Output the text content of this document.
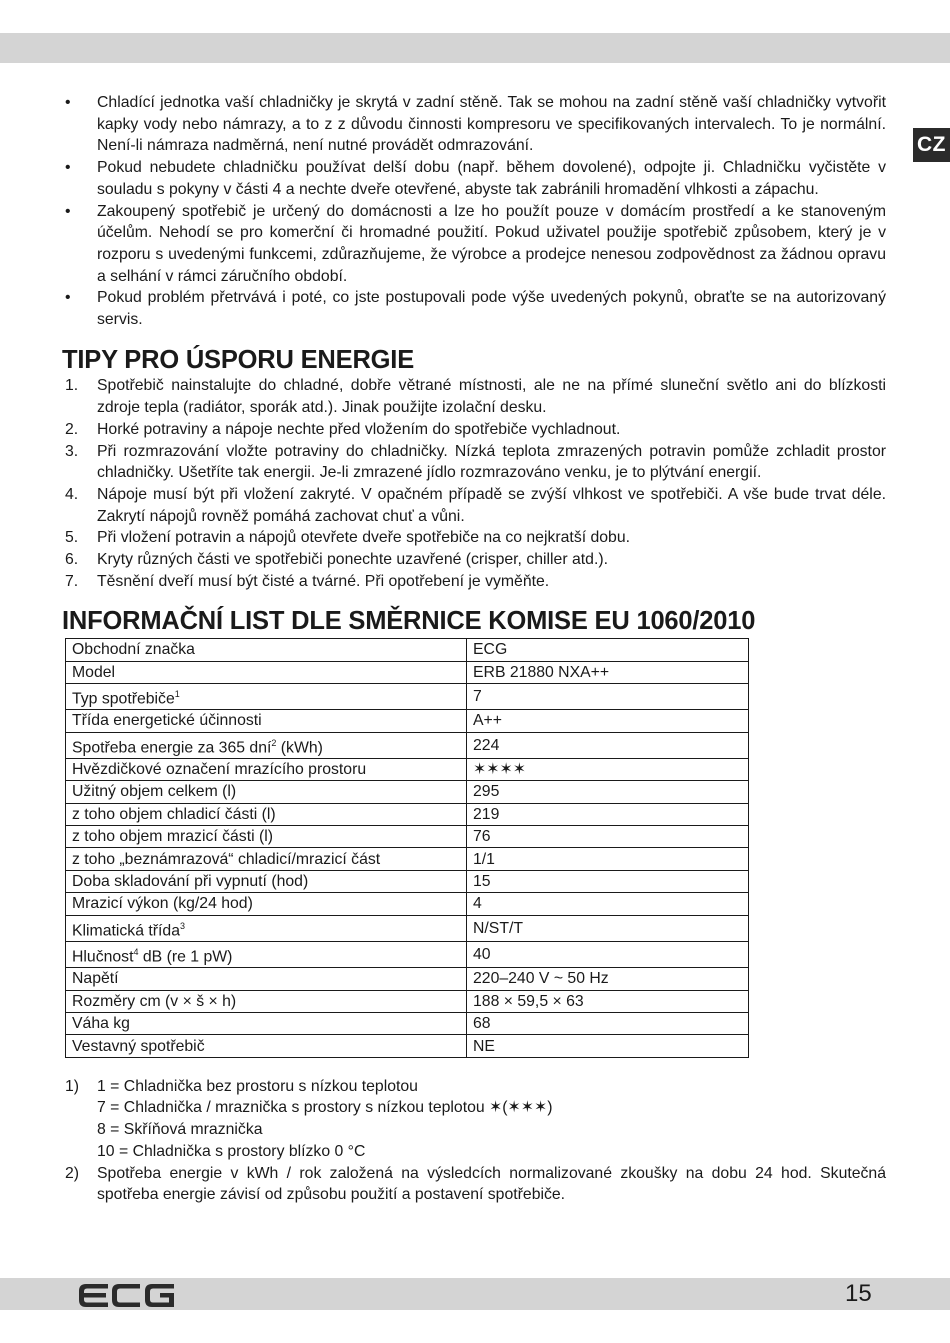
CZ
• Chladící jednotka vaší chladničky je skrytá v zadní stěně. Tak se mohou na zadní stěně vaší chladničky vytvořit kapky vody nebo námrazy, a to z z důvodu činnosti kompresoru ve specifikovaných intervalech. To je normální. Není-li námraza nadměrná, není nutné provádět odmrazování.
• Pokud nebudete chladničku používat delší dobu (např. během dovolené), odpojte ji. Chladničku vyčistěte v souladu s pokyny v části 4 a nechte dveře otevřené, abyste tak zabránili hromadění vlhkosti a zápachu.
• Zakoupený spotřebič je určený do domácnosti a lze ho použít pouze v domácím prostředí a ke stanoveným účelům. Nehodí se pro komerční či hromadné použití. Pokud uživatel použije spotřebič způsobem, který je v rozporu s uvedenými funkcemi, zdůrazňujeme, že výrobce a prodejce nenesou zodpovědnost za žádnou opravu a selhání v rámci záručního období.
• Pokud problém přetrvává i poté, co jste postupovali pode výše uvedených pokynů, obraťte se na autorizovaný servis.
TIPY PRO ÚSPORU ENERGIE
1. Spotřebič nainstalujte do chladné, dobře větrané místnosti, ale ne na přímé sluneční světlo ani do blízkosti zdroje tepla (radiátor, sporák atd.). Jinak použijte izolační desku.
2. Horké potraviny a nápoje nechte před vložením do spotřebiče vychladnout.
3. Při rozmrazování vložte potraviny do chladničky. Nízká teplota zmrazených potravin pomůže zchladit prostor chladničky. Ušetříte tak energii. Je-li zmrazené jídlo rozmrazováno venku, je to plýtvání energií.
4. Nápoje musí být při vložení zakryté. V opačném případě se zvýší vlhkost ve spotřebiči. A vše bude trvat déle. Zakrytí nápojů rovněž pomáhá zachovat chuť a vůni.
5. Při vložení potravin a nápojů otevřete dveře spotřebiče na co nejkratší dobu.
6. Kryty různých části ve spotřebiči ponechte uzavřené (crisper, chiller atd.).
7. Těsnění dveří musí být čisté a tvárné. Při opotřebení je vyměňte.
INFORMAČNÍ LIST DLE SMĚRNICE KOMISE EU 1060/2010
Obchodní značka	ECG
Model	ERB 21880 NXA++
Typ spotřebiče$^1$	7
Třída energetické účinnosti	A++
Spotřeba energie za 365 dní$^2$ (kWh)	224
Hvězdičkové označení mrazícího prostoru	✶✶✶✶
Užitný objem celkem (l)	295
z toho objem chladicí části (l)	219
z toho objem mrazicí části (l)	76
z toho „beznámrazová“ chladicí/mrazicí část	1/1
Doba skladování při vypnutí (hod)	15
Mrazicí výkon (kg/24 hod)	4
Klimatická třída$^3$	N/ST/T
Hlučnost$^4$ dB (re 1 pW)	40
Napětí	220–240 V ~ 50 Hz
Rozměry cm (v × š × h)	188 × 59,5 × 63
Váha kg	68
Vestavný spotřebič	NE
1) 1 = Chladnička bez prostoru s nízkou teplotou
7 = Chladnička / mraznička s prostory s nízkou teplotou ✶(✶✶✶)
8 = Skříňová mraznička
10 = Chladnička s prostory blízko 0 °C
2) Spotřeba energie v kWh / rok založená na výsledcích normalizované zkoušky na dobu 24 hod. Skutečná spotřeba energie závisí od způsobu použití a postavení spotřebiče.
15
